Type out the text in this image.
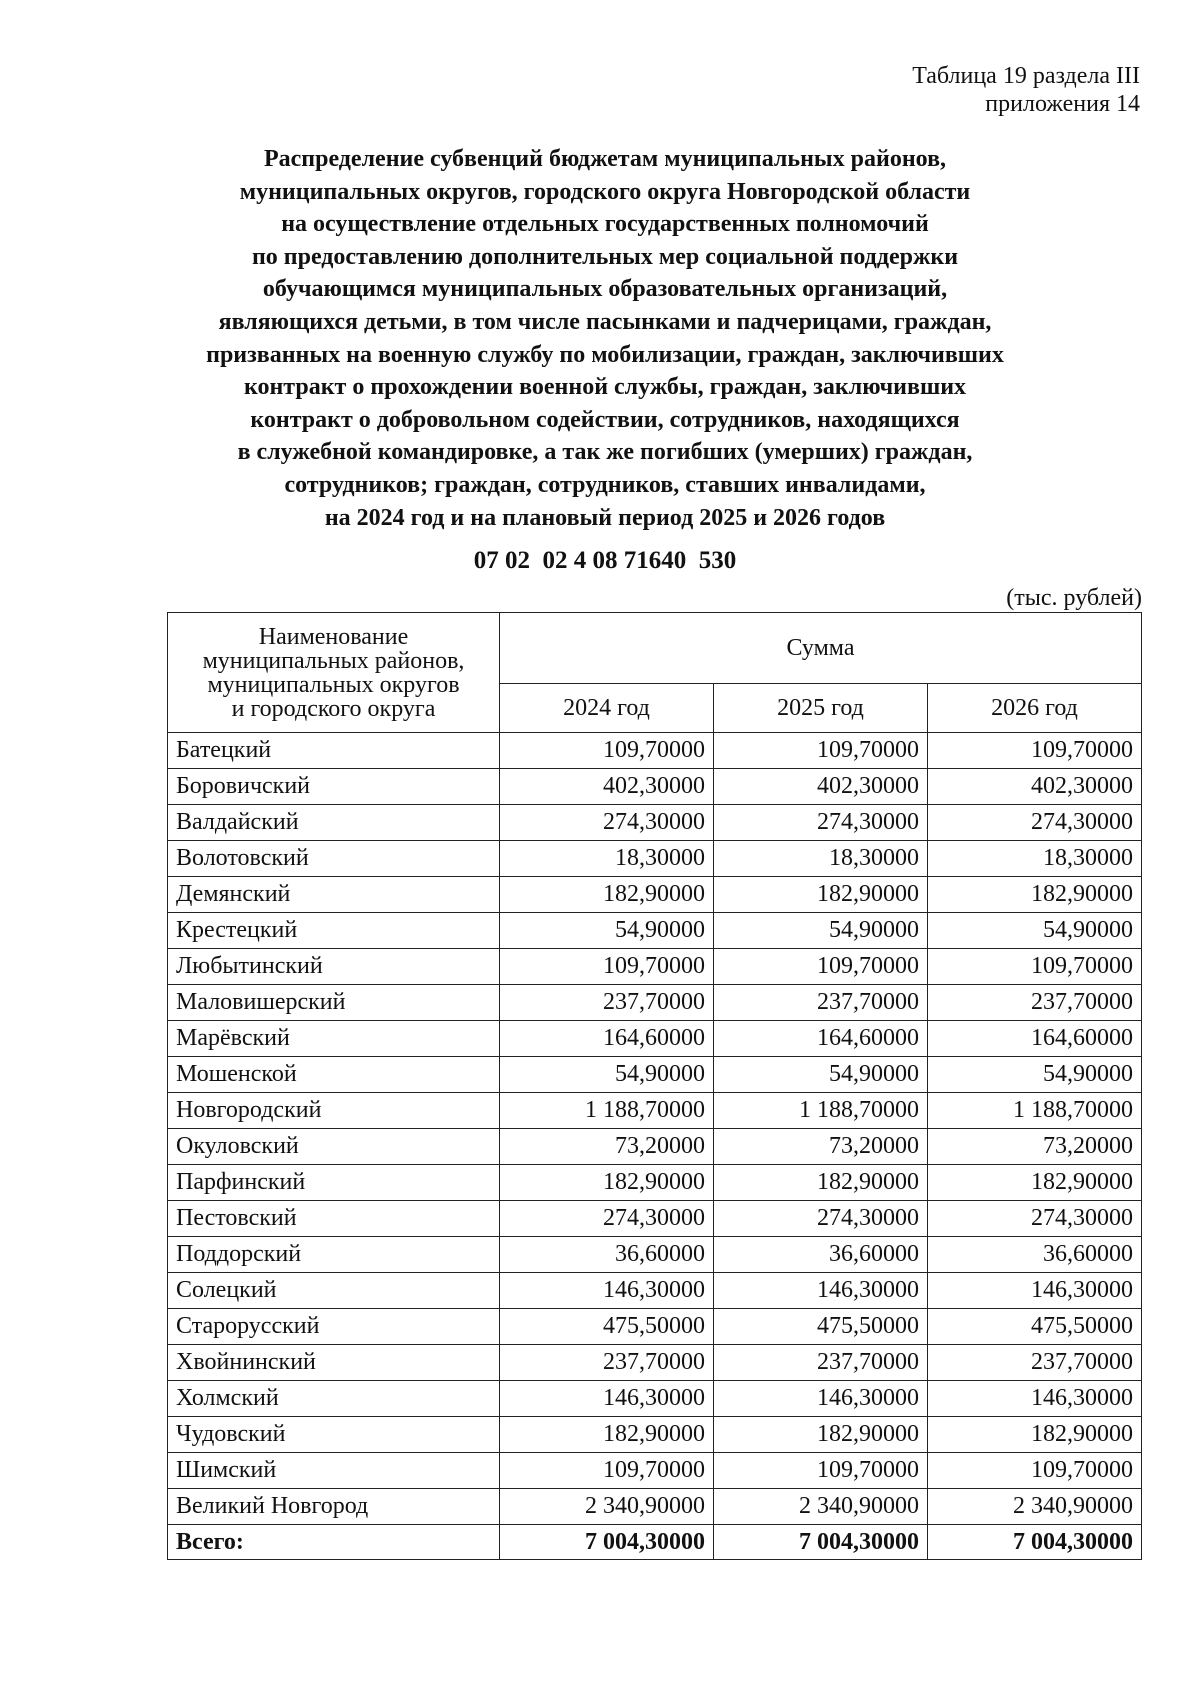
Таблица 19 раздела III
приложения 14
Распределение субвенций бюджетам муниципальных районов,
муниципальных округов, городского округа Новгородской области
на осуществление отдельных государственных полномочий
по предоставлению дополнительных мер социальной поддержки
обучающимся муниципальных образовательных организаций,
являющихся детьми, в том числе пасынками и падчерицами, граждан,
призванных на военную службу по мобилизации, граждан, заключивших
контракт о прохождении военной службы, граждан, заключивших
контракт о добровольном содействии, сотрудников, находящихся
в служебной командировке, а так же погибших (умерших) граждан,
сотрудников; граждан, сотрудников, ставших инвалидами,
на 2024 год и на плановый период 2025 и 2026 годов
07 02  02 4 08 71640  530
(тыс. рублей)
Наименование
муниципальных районов,
муниципальных округов
и городского округа	Сумма		
	2024 год	2025 год	2026 год
Батецкий	109,70000	109,70000	109,70000
Боровичский	402,30000	402,30000	402,30000
Валдайский	274,30000	274,30000	274,30000
Волотовский	18,30000	18,30000	18,30000
Демянский	182,90000	182,90000	182,90000
Крестецкий	54,90000	54,90000	54,90000
Любытинский	109,70000	109,70000	109,70000
Маловишерский	237,70000	237,70000	237,70000
Марёвский	164,60000	164,60000	164,60000
Мошенской	54,90000	54,90000	54,90000
Новгородский	1 188,70000	1 188,70000	1 188,70000
Окуловский	73,20000	73,20000	73,20000
Парфинский	182,90000	182,90000	182,90000
Пестовский	274,30000	274,30000	274,30000
Поддорский	36,60000	36,60000	36,60000
Солецкий	146,30000	146,30000	146,30000
Старорусский	475,50000	475,50000	475,50000
Хвойнинский	237,70000	237,70000	237,70000
Холмский	146,30000	146,30000	146,30000
Чудовский	182,90000	182,90000	182,90000
Шимский	109,70000	109,70000	109,70000
Великий Новгород	2 340,90000	2 340,90000	2 340,90000
Всего:	7 004,30000	7 004,30000	7 004,30000
